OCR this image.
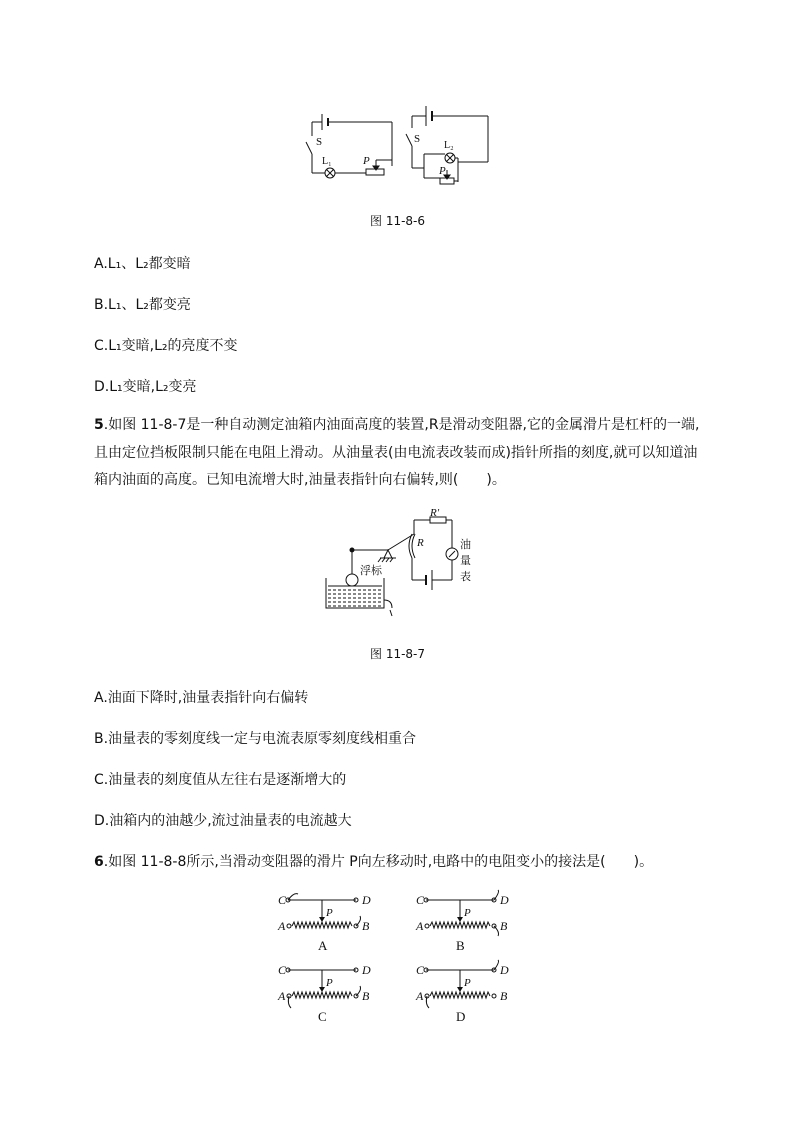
S
L₁	P
S
L₂
P
图 11-8-6
A.L₁、L₂都变暗
B.L₁、L₂都变亮
C.L₁变暗,L₂的亮度不变
D.L₁变暗,L₂变亮
5.如图 11-8-7是一种自动测定油箱内油面高度的装置,R是滑动变阻器,它的金属滑片是杠杆的一端,
且由定位挡板限制只能在电阻上滑动。从油量表(由电流表改装而成)指针所指的刻度,就可以知道油
箱内油面的高度。已知电流增大时,油量表指针向右偏转,则(　　)。
R′
R
浮标
油
量
表
图 11-8-7
A.油面下降时,油量表指针向右偏转
B.油量表的零刻度线一定与电流表原零刻度线相重合
C.油量表的刻度值从左往右是逐渐增大的
D.油箱内的油越少,流过油量表的电流越大
6.如图 11-8-8所示,当滑动变阻器的滑片 P向左移动时,电路中的电阻变小的接法是(　　)。
C	D
A	B
P
A
C	D
A	B
P
B
C	D
A	B
P
C
C	D
A	B
P
D
